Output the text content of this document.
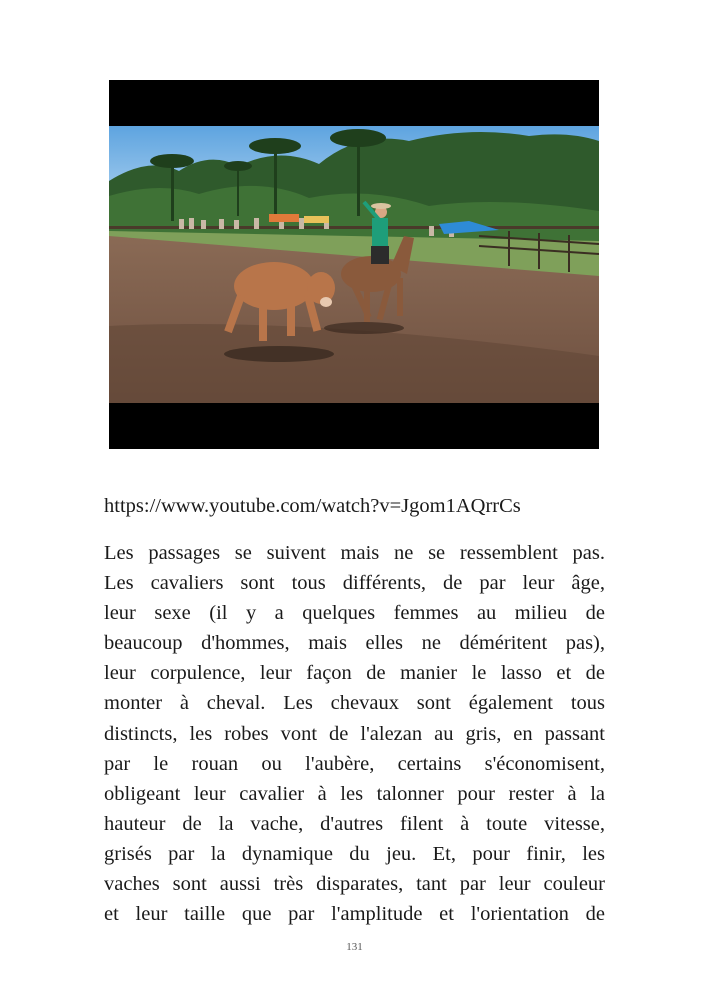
https://www.youtube.com/watch?v=Jgom1AQrrCs
Les passages se suivent mais ne se ressemblent pas.
Les cavaliers sont tous différents, de par leur âge,
leur sexe (il y a quelques femmes au milieu de
beaucoup d'hommes, mais elles ne déméritent pas),
leur corpulence, leur façon de manier le lasso et de
monter à cheval. Les chevaux sont également tous
distincts, les robes vont de l'alezan au gris, en passant
par le rouan ou l'aubère, certains s'économisent,
obligeant leur cavalier à les talonner pour rester à la
hauteur de la vache, d'autres filent à toute vitesse,
grisés par la dynamique du jeu. Et, pour finir, les
vaches sont aussi très disparates, tant par leur couleur
et leur taille que par l'amplitude et l'orientation de
131
